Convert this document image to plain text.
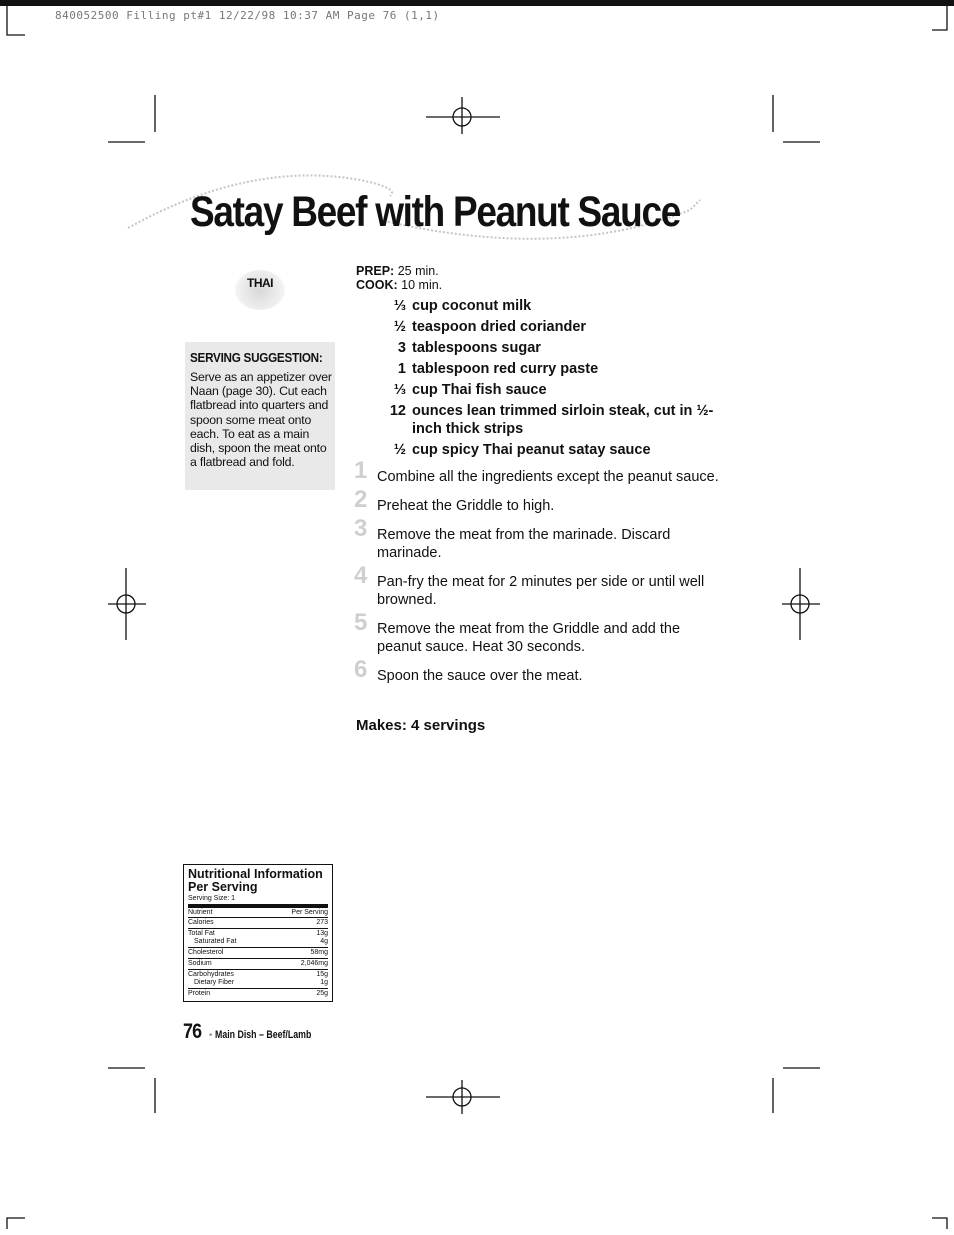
840052500 Filling pt#1 12/22/98 10:37 AM Page 76 (1,1)
Satay Beef with Peanut Sauce
THAI
SERVING SUGGESTION:
Serve as an appetizer over Naan (page 30). Cut each flatbread into quarters and spoon some meat onto each. To eat as a main dish, spoon the meat onto a flatbread and fold.
PREP: 25 min.
COOK: 10 min.
⅓ cup coconut milk
½ teaspoon dried coriander
3 tablespoons sugar
1 tablespoon red curry paste
⅓ cup Thai fish sauce
12 ounces lean trimmed sirloin steak, cut in ½-inch thick strips
½ cup spicy Thai peanut satay sauce
1 Combine all the ingredients except the peanut sauce.
2 Preheat the Griddle to high.
3 Remove the meat from the marinade. Discard marinade.
4 Pan-fry the meat for 2 minutes per side or until well browned.
5 Remove the meat from the Griddle and add the peanut sauce. Heat 30 seconds.
6 Spoon the sauce over the meat.
Makes: 4 servings
Nutritional Information Per Serving
Serving Size: 1
Nutrient	Per Serving
Calories	273
Total Fat	13g
Saturated Fat	4g
Cholesterol	58mg
Sodium	2,046mg
Carbohydrates	15g
Dietary Fiber	1g
Protein	25g
76 • Main Dish – Beef/Lamb
